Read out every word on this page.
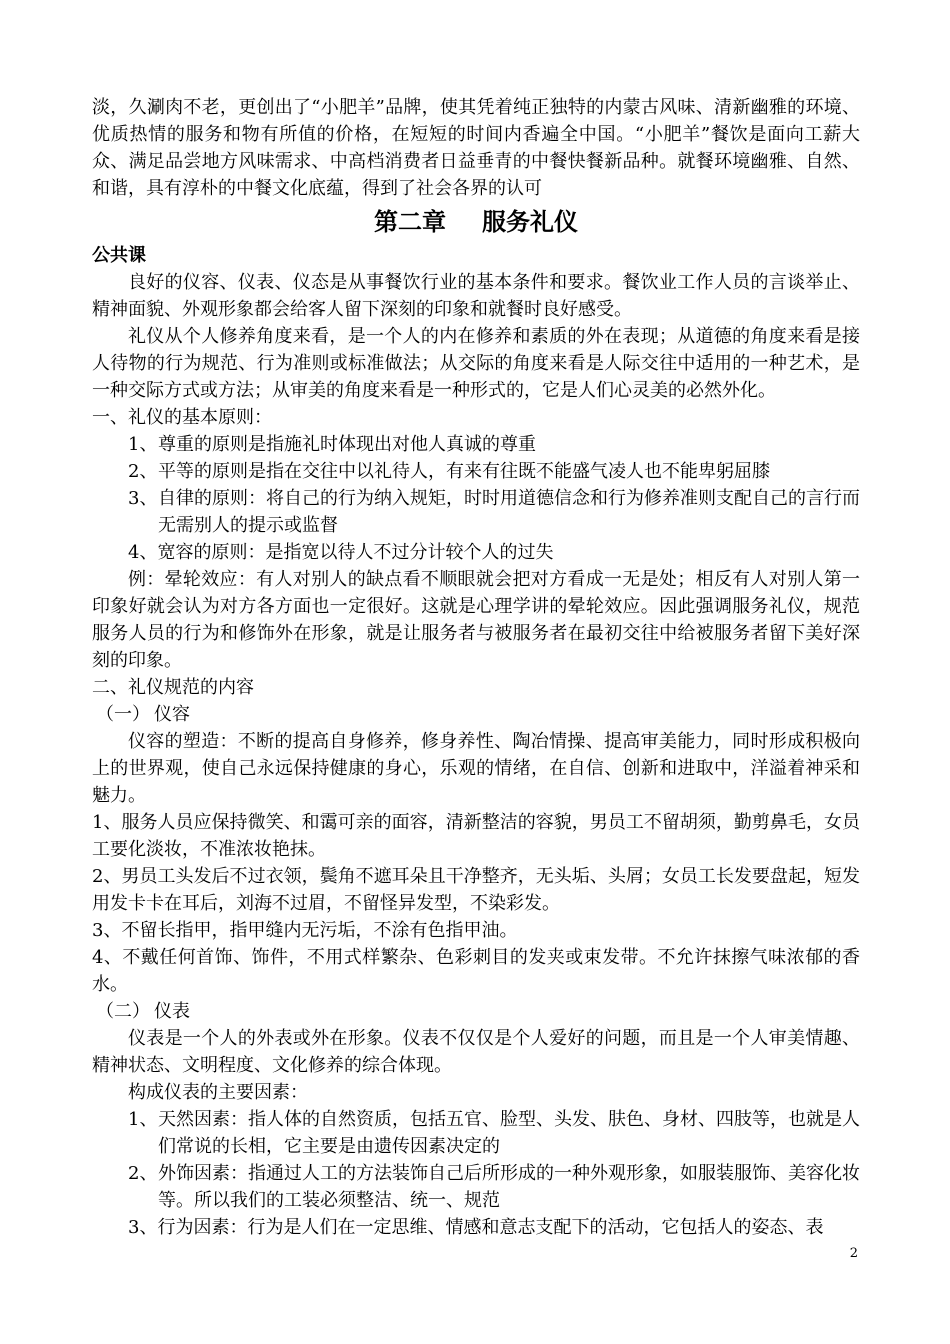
淡，久涮肉不老，更创出了“小肥羊”品牌，使其凭着纯正独特的内蒙古风味、清新幽雅的环境、优质热情的服务和物有所值的价格，在短短的时间内香遍全中国。“小肥羊”餐饮是面向工薪大众、满足品尝地方风味需求、中高档消费者日益垂青的中餐快餐新品种。就餐环境幽雅、自然、和谐，具有淳朴的中餐文化底蕴，得到了社会各界的认可

第二章 服务礼仪

公共课

良好的仪容、仪表、仪态是从事餐饮行业的基本条件和要求。餐饮业工作人员的言谈举止、精神面貌、外观形象都会给客人留下深刻的印象和就餐时良好感受。

礼仪从个人修养角度来看，是一个人的内在修养和素质的外在表现；从道德的角度来看是接人待物的行为规范、行为准则或标准做法；从交际的角度来看是人际交往中适用的一种艺术，是一种交际方式或方法；从审美的角度来看是一种形式的，它是人们心灵美的必然外化。

一、礼仪的基本原则：

1、尊重的原则是指施礼时体现出对他人真诚的尊重

2、平等的原则是指在交往中以礼待人，有来有往既不能盛气凌人也不能卑躬屈膝

3、自律的原则：将自己的行为纳入规矩，时时用道德信念和行为修养准则支配自己的言行而无需别人的提示或监督

4、宽容的原则：是指宽以待人不过分计较个人的过失

例：晕轮效应：有人对别人的缺点看不顺眼就会把对方看成一无是处；相反有人对别人第一印象好就会认为对方各方面也一定很好。这就是心理学讲的晕轮效应。因此强调服务礼仪，规范服务人员的行为和修饰外在形象，就是让服务者与被服务者在最初交往中给被服务者留下美好深刻的印象。

二、礼仪规范的内容

（一） 仪容

仪容的塑造：不断的提高自身修养，修身养性、陶冶情操、提高审美能力，同时形成积极向上的世界观，使自己永远保持健康的身心，乐观的情绪，在自信、创新和进取中，洋溢着神采和魅力。

1、服务人员应保持微笑、和霭可亲的面容，清新整洁的容貌，男员工不留胡须，勤剪鼻毛，女员工要化淡妆，不准浓妆艳抹。

2、男员工头发后不过衣领，鬓角不遮耳朵且干净整齐，无头垢、头屑；女员工长发要盘起，短发用发卡卡在耳后，刘海不过眉，不留怪异发型，不染彩发。

3、不留长指甲，指甲缝内无污垢，不涂有色指甲油。

4、不戴任何首饰、饰件，不用式样繁杂、色彩刺目的发夹或束发带。不允许抹擦气味浓郁的香水。

（二） 仪表

仪表是一个人的外表或外在形象。仪表不仅仅是个人爱好的问题，而且是一个人审美情趣、精神状态、文明程度、文化修养的综合体现。

构成仪表的主要因素：

1、天然因素：指人体的自然资质，包括五官、脸型、头发、肤色、身材、四肢等，也就是人们常说的长相，它主要是由遗传因素决定的

2、外饰因素：指通过人工的方法装饰自己后所形成的一种外观形象，如服装服饰、美容化妆等。所以我们的工装必须整洁、统一、规范

3、行为因素：行为是人们在一定思维、情感和意志支配下的活动，它包括人的姿态、表

2
